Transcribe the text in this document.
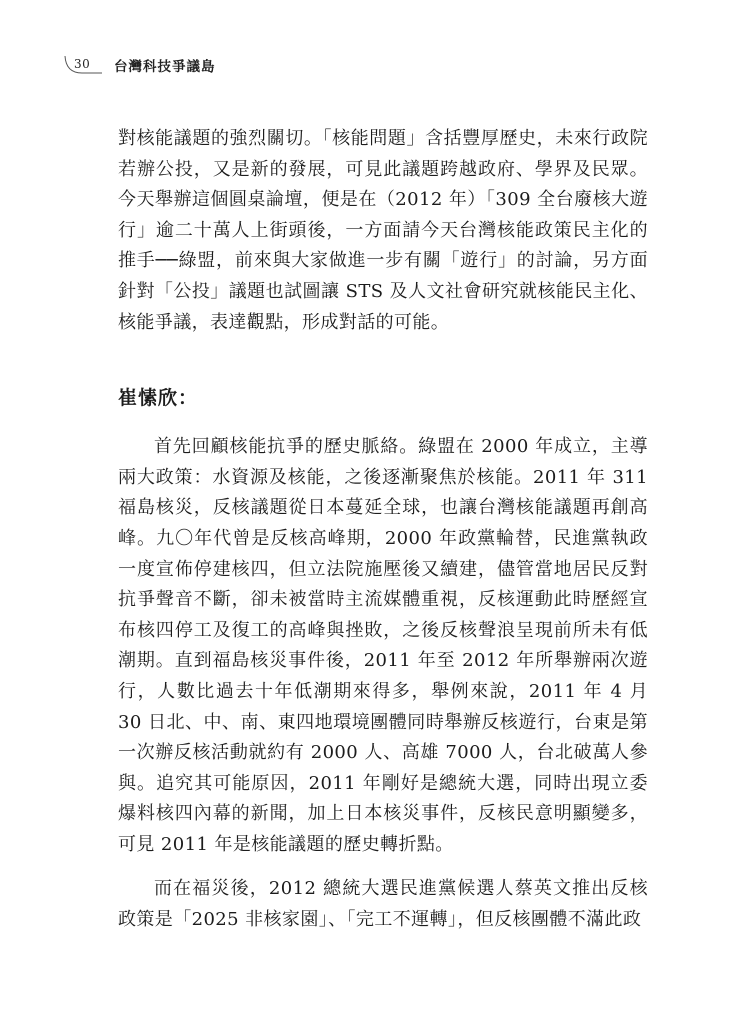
30 台灣科技爭議島

對核能議題的強烈關切。「核能問題」含括豐厚歷史，未來行政院若辦公投，又是新的發展，可見此議題跨越政府、學界及民眾。今天舉辦這個圓桌論壇，便是在（2012 年）「309 全台廢核大遊行」逾二十萬人上街頭後，一方面請今天台灣核能政策民主化的推手──綠盟，前來與大家做進一步有關「遊行」的討論，另方面針對「公投」議題也試圖讓 STS 及人文社會研究就核能民主化、核能爭議，表達觀點，形成對話的可能。

崔愫欣：

首先回顧核能抗爭的歷史脈絡。綠盟在 2000 年成立，主導兩大政策：水資源及核能，之後逐漸聚焦於核能。2011 年 311 福島核災，反核議題從日本蔓延全球，也讓台灣核能議題再創高峰。九〇年代曾是反核高峰期，2000 年政黨輪替，民進黨執政一度宣佈停建核四，但立法院施壓後又續建，儘管當地居民反對抗爭聲音不斷，卻未被當時主流媒體重視，反核運動此時歷經宣布核四停工及復工的高峰與挫敗，之後反核聲浪呈現前所未有低潮期。直到福島核災事件後，2011 年至 2012 年所舉辦兩次遊行，人數比過去十年低潮期來得多，舉例來說，2011 年 4 月 30 日北、中、南、東四地環境團體同時舉辦反核遊行，台東是第一次辦反核活動就約有 2000 人、高雄 7000 人，台北破萬人參與。追究其可能原因，2011 年剛好是總統大選，同時出現立委爆料核四內幕的新聞，加上日本核災事件，反核民意明顯變多，可見 2011 年是核能議題的歷史轉折點。

而在福災後，2012 總統大選民進黨候選人蔡英文推出反核政策是「2025 非核家園」、「完工不運轉」，但反核團體不滿此政
